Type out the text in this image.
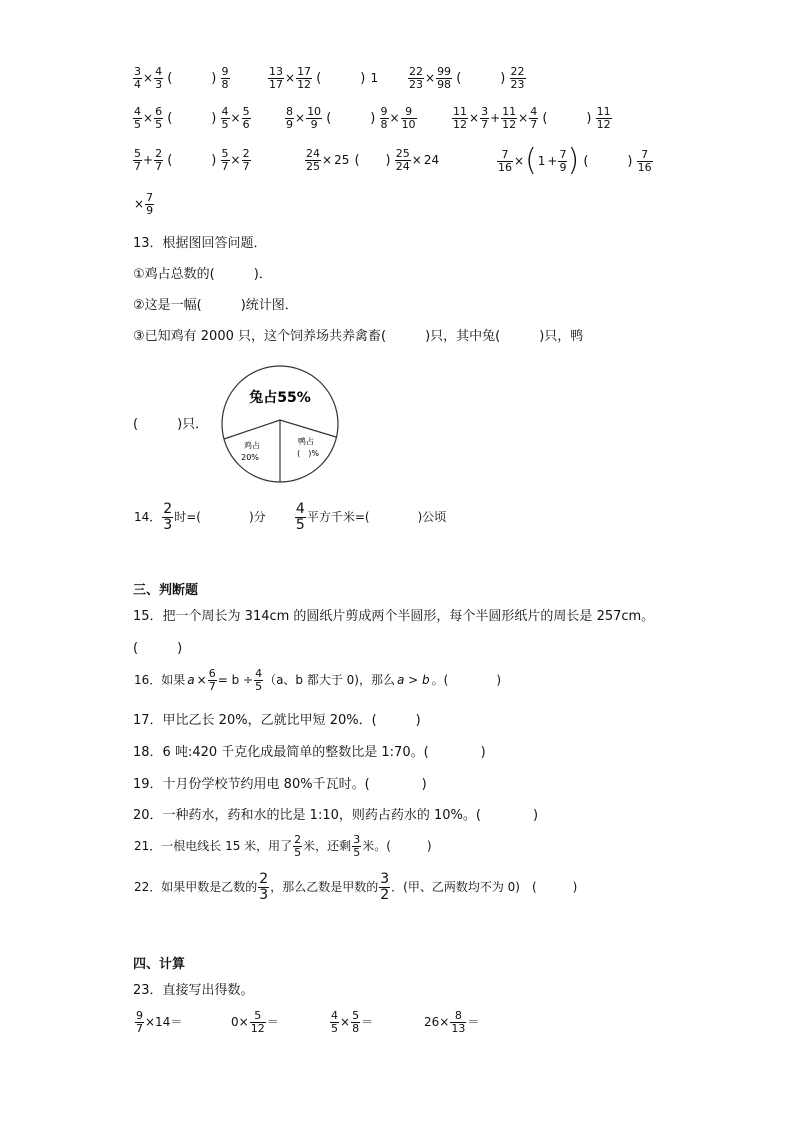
$\frac{3}{4} \times \frac{4}{3}$ (　　　) $\frac{9}{8}$	$\frac{13}{17} \times \frac{17}{12}$ (　　　) 1	$\frac{22}{23} \times \frac{99}{98}$ (　　　) $\frac{22}{23}$
$\frac{4}{5} \times \frac{6}{5}$ (　　　) $\frac{4}{5} \times \frac{5}{6}$	$\frac{8}{9} \times \frac{10}{9}$ (　　　) $\frac{9}{8} \times \frac{9}{10}$	$\frac{11}{12} \times \frac{3}{7} + \frac{11}{12} \times \frac{4}{7}$ (　　　) $\frac{11}{12}$
$\frac{5}{7} + \frac{2}{7}$ (　　　) $\frac{5}{7} \times \frac{2}{7}$	$\frac{24}{25} \times 25$ (　　) $\frac{25}{24} \times 24$	$\frac{7}{16} \times(1 + \frac{7}{9}$ ) (　　　) $\frac{7}{16}$
× $\frac{7}{9}$
13．根据图回答问题．
①鸡占总数的(　　　)．
②这是一幅(　　　)统计图．
③已知鸡有 2000 只，这个饲养场共养禽畜(　　　)只，其中兔(　　　)只，鸭
(　　　)只．
兔占55%
鸡占
20%
鸭占
(　)%
14． $\frac{2}{3}$ 时=(　　　　)分 $\frac{4}{5}$ 平方千米=(　　　　)公顷
三、判断题
15．把一个周长为 314cm 的圆纸片剪成两个半圆形，每个半圆形纸片的周长是 257cm。
(　　　)
16．如果 $a \times \frac{6}{7} = b \div \frac{4}{5} (a$、b 都大于 0)，那么 a > b 。(　　　　)
17．甲比乙长 20%，乙就比甲短 20%．(　　　)
18．6 吨:420 千克化成最简单的整数比是 1:70。(　　　　)
19．十月份学校节约用电 80%千瓦时。(　　　　)
20．一种药水，药和水的比是 1:10，则药占药水的 10%。(　　　　)
21．一根电线长 15 米，用了 $\frac{2}{5}$ 米，还剩 $\frac{3}{5}$ 米。(　　　)
22．如果甲数是乙数的 $\frac{2}{3}$ ，那么乙数是甲数的 $\frac{3}{2}$ ．(甲、乙两数均不为 0)　(　　　)
四、计算
23．直接写出得数。
$\frac{9}{7} \times 14=$	$0\times \frac{5}{12}$ ＝	$\frac{4}{5} \times \frac{5}{8}$ ＝	$26\times \frac{8}{13}$ ＝
